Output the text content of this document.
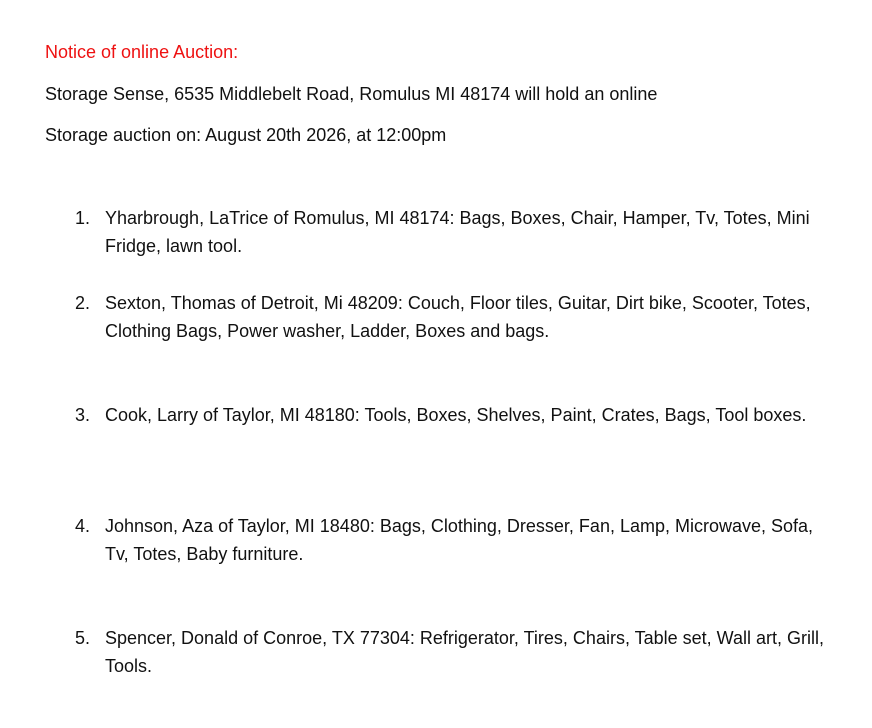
Notice of online Auction:
Storage Sense, 6535 Middlebelt Road, Romulus MI 48174 will hold an online
Storage auction on: August 20th 2026, at 12:00pm
1. Yharbrough, LaTrice of Romulus, MI 48174: Bags, Boxes, Chair, Hamper, Tv, Totes, Mini Fridge, lawn tool.
2. Sexton, Thomas of Detroit, Mi 48209: Couch, Floor tiles, Guitar, Dirt bike, Scooter, Totes, Clothing Bags, Power washer, Ladder, Boxes and bags.
3. Cook, Larry of Taylor, MI 48180: Tools, Boxes, Shelves, Paint, Crates, Bags, Tool boxes.
4. Johnson, Aza of Taylor, MI 18480: Bags, Clothing, Dresser, Fan, Lamp, Microwave, Sofa, Tv, Totes, Baby furniture.
5. Spencer, Donald of Conroe, TX 77304: Refrigerator, Tires, Chairs, Table set, Wall art, Grill, Tools.
